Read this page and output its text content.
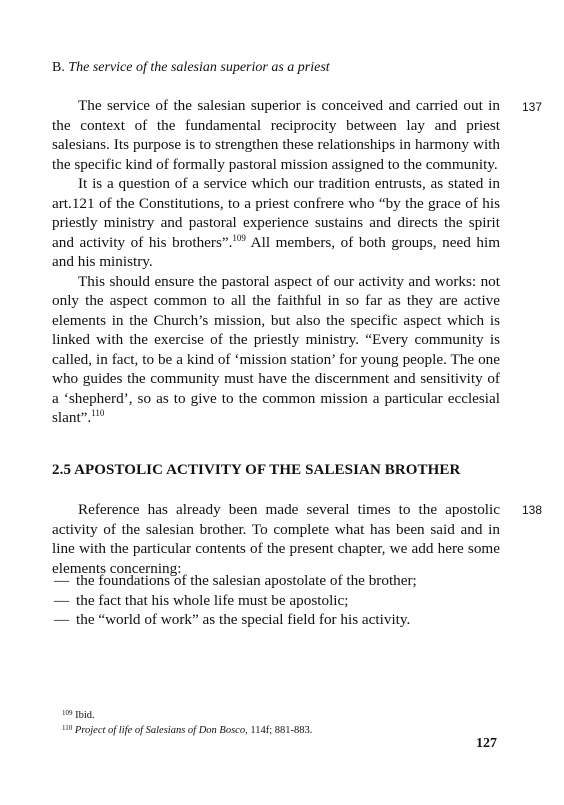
B. The service of the salesian superior as a priest
137

The service of the salesian superior is conceived and carried out in the context of the fundamental reciprocity between lay and priest salesians. Its purpose is to strengthen these relationships in harmony with the specific kind of formally pastoral mission assigned to the community.

It is a question of a service which our tradition entrusts, as stated in art.121 of the Constitutions, to a priest confrere who “by the grace of his priestly ministry and pastoral experience sustains and directs the spirit and activity of his brothers”.$^{109}$ All members, of both groups, need him and his ministry.

This should ensure the pastoral aspect of our activity and works: not only the aspect common to all the faithful in so far as they are active elements in the Church’s mission, but also the specific aspect which is linked with the exercise of the priestly ministry. “Every community is called, in fact, to be a kind of ‘mission station’ for young people. The one who guides the community must have the discernment and sensitivity of a ‘shepherd’, so as to give to the common mission a particular ecclesial slant”.$^{110}$

2.5 APOSTOLIC ACTIVITY OF THE SALESIAN BROTHER
138

Reference has already been made several times to the apostolic activity of the salesian brother. To complete what has been said and in line with the particular contents of the present chapter, we add here some elements concerning:

— the foundations of the salesian apostolate of the brother;
— the fact that his whole life must be apostolic;
— the “world of work” as the special field for his activity.
$^{109}$ Ibid.
$^{110}$ Project of life of Salesians of Don Bosco, 114f; 881-883.
127
